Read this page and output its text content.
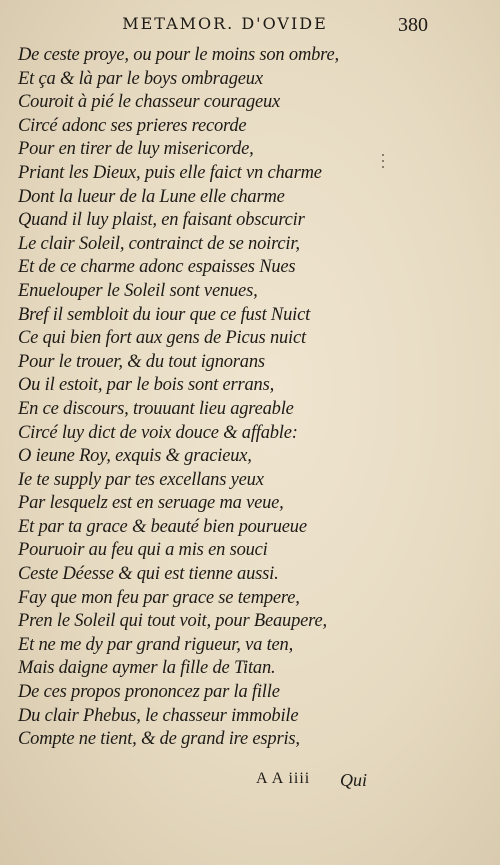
METAMOR. D'OVIDE	380
De ceste proye, ou pour le moins son ombre,
Et ça & là par le boys ombrageux
Couroit à pié le chasseur courageux
Circé adonc ses prieres recorde
Pour en tirer de luy misericorde,
Priant les Dieux, puis elle faict vn charme
Dont la lueur de la Lune elle charme
Quand il luy plaist, en faisant obscurcir
Le clair Soleil, contrainct de se noircir,
Et de ce charme adonc espaisses Nues
Enuelouper le Soleil sont venues,
Bref il sembloit du iour que ce fust Nuict
Ce qui bien fort aux gens de Picus nuict
Pour le trouer, & du tout ignorans
Ou il estoit, par le bois sont errans,
En ce discours, trouuant lieu agreable
Circé luy dict de voix douce & affable:
O ieune Roy, exquis & gracieux,
Ie te supply par tes excellans yeux
Par lesquelz est en seruage ma veue,
Et par ta grace & beauté bien pourueue
Pouruoir au feu qui a mis en souci
Ceste Déesse & qui est tienne aussi.
Fay que mon feu par grace se tempere,
Pren le Soleil qui tout voit, pour Beaupere,
Et ne me dy par grand rigueur, va ten,
Mais daigne aymer la fille de Titan.
De ces propos prononcez par la fille
Du clair Phebus, le chasseur immobile
Compte ne tient, & de grand ire espris,
A A iiii Qui
